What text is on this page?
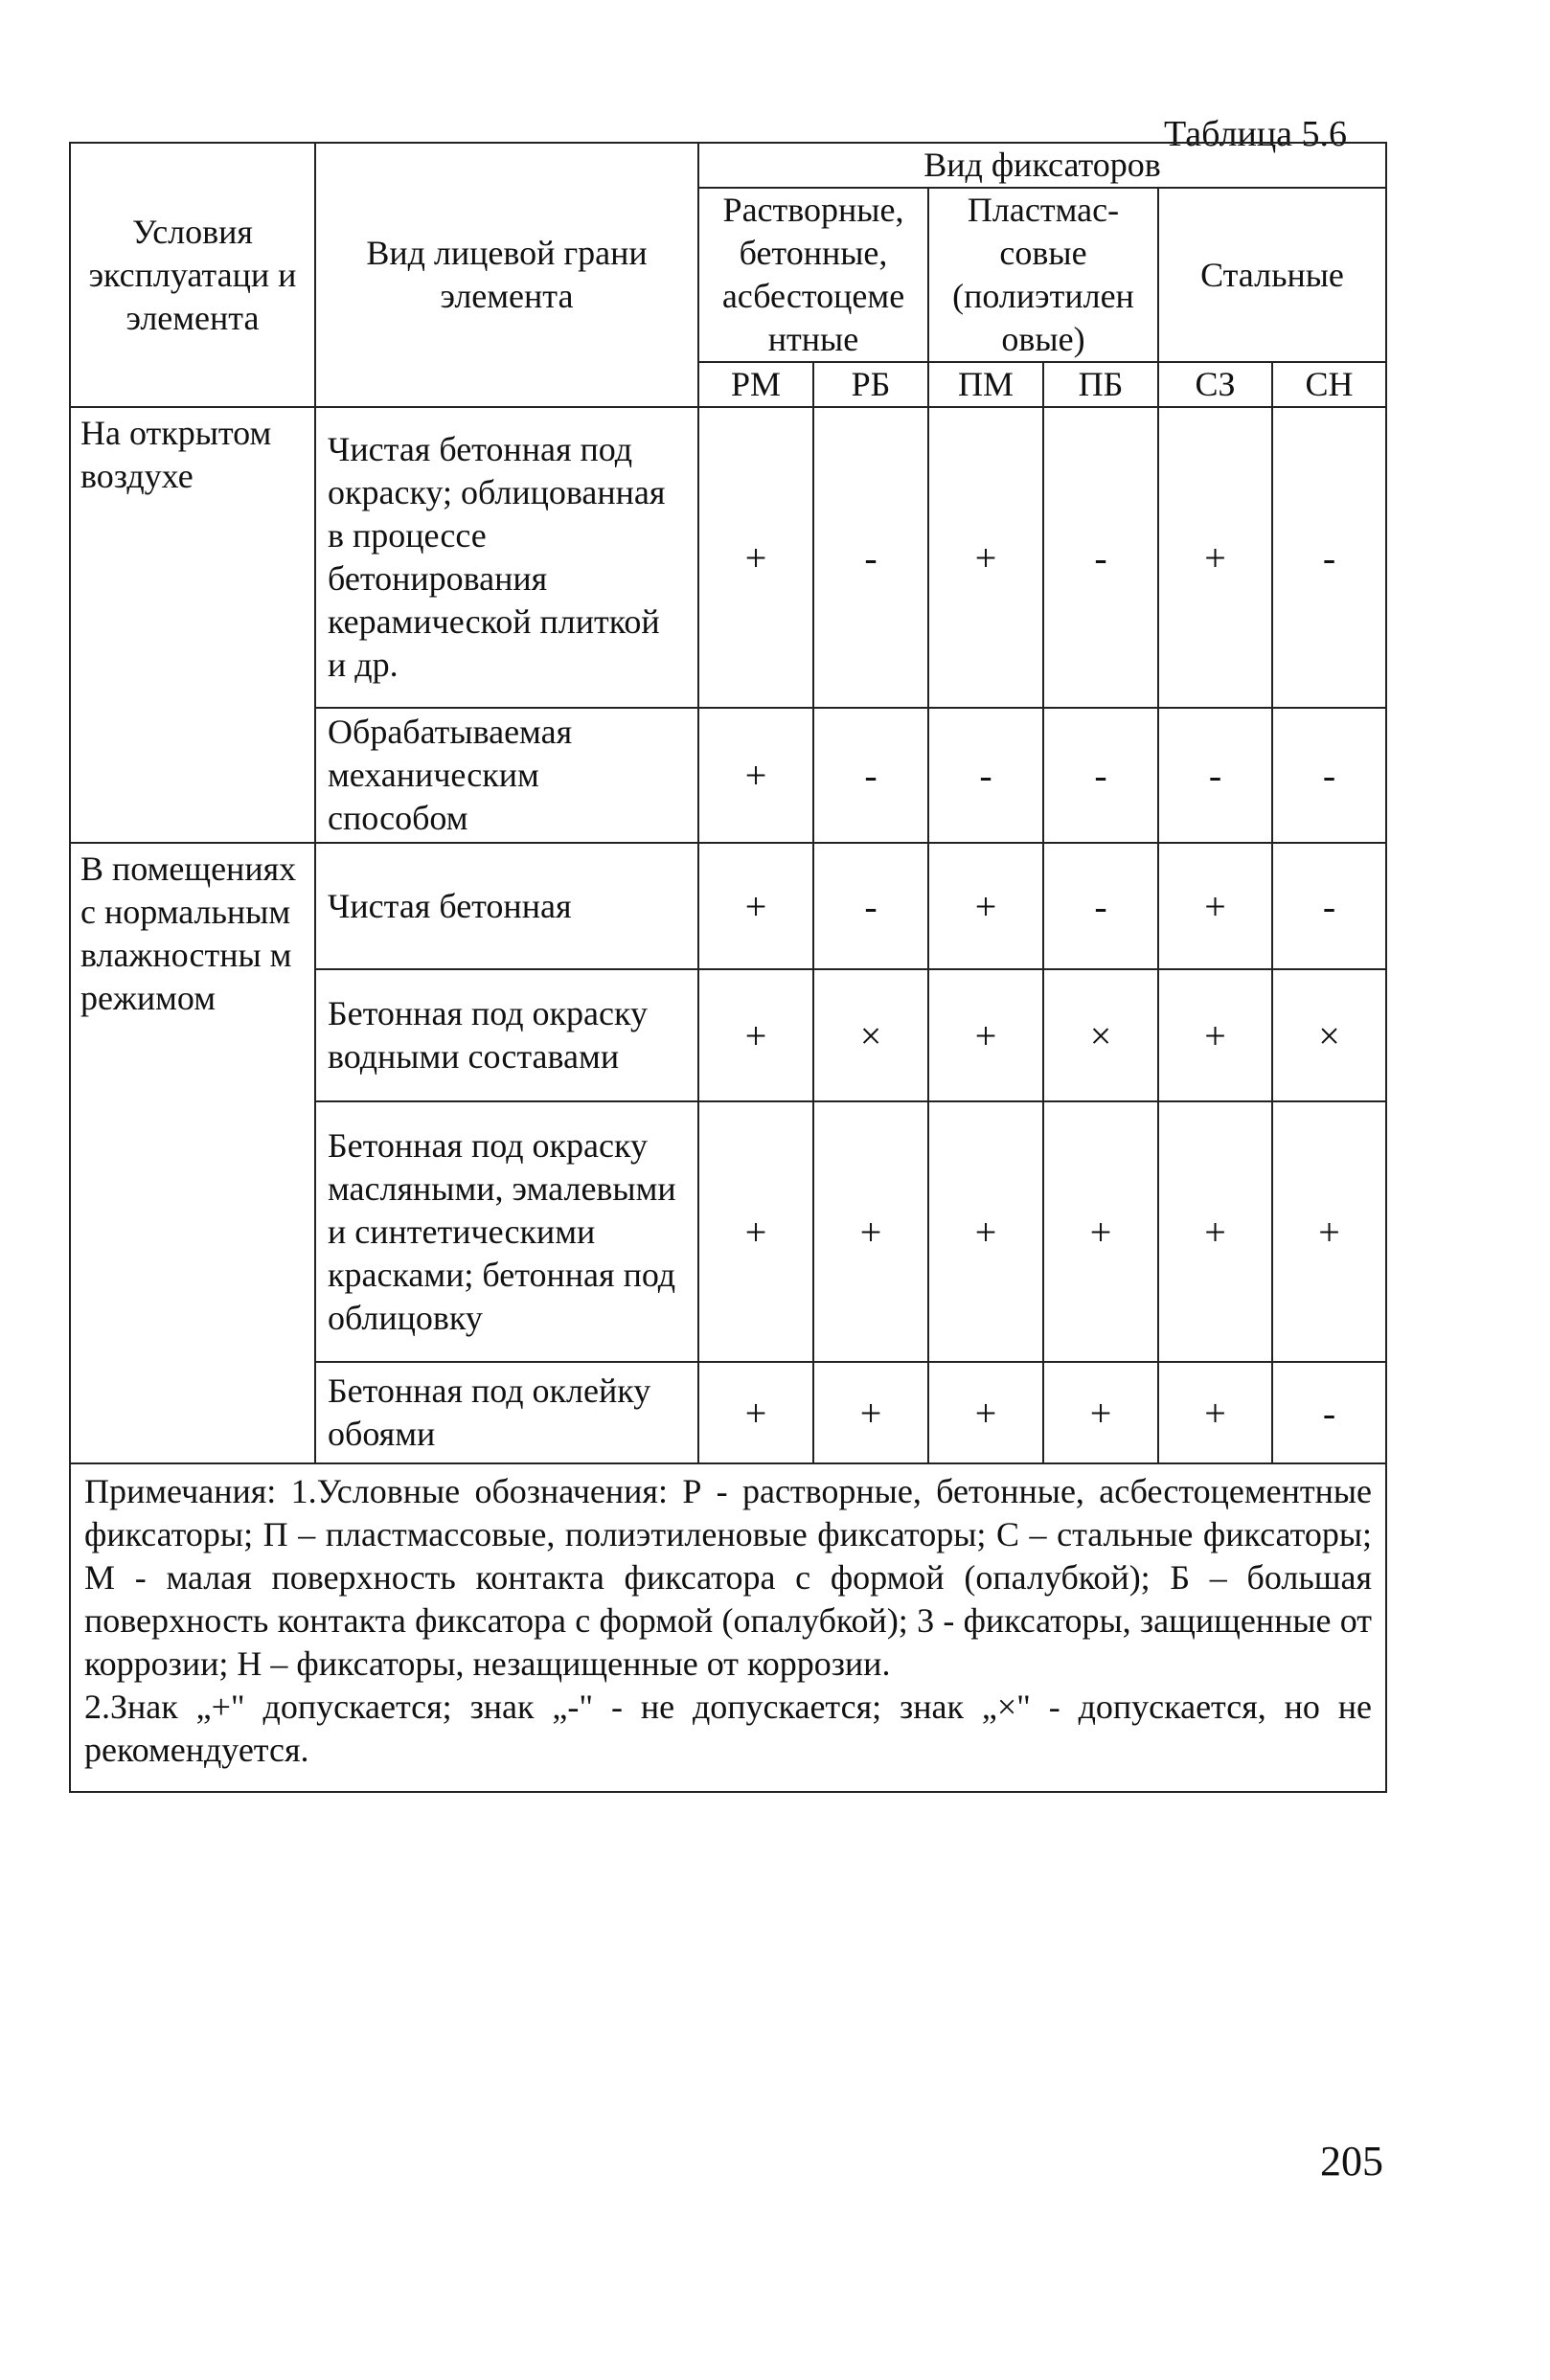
Таблица 5.6
Условия эксплуатаци и элемента	Вид лицевой грани элемента	Вид фиксаторов					
		Растворные, бетонные, асбестоцеме нтные		Пластмас-совые (полиэтилен овые)		Стальные	
		РМ	РБ	ПМ	ПБ	СЗ	СН
На открытом воздухе	Чистая бетонная под окраску; облицованная в процессе бетонирования керамической плиткой и др.	+	-	+	-	+	-
	Обрабатываемая механическим способом	+	-	-	-	-	-
В помещениях с нормальным влажностны м режимом	Чистая бетонная	+	-	+	-	+	-
	Бетонная под окраску водными составами	+	×	+	×	+	×
	Бетонная под окраску масляными, эмалевыми и синтетическими красками; бетонная под облицовку	+	+	+	+	+	+
	Бетонная под оклейку обоями	+	+	+	+	+	-

Примечания: 1.Условные обозначения: Р - растворные, бетонные, асбестоцементные фиксаторы; П – пластмассовые, полиэтиленовые фиксаторы; С – стальные фиксаторы; М - малая поверхность контакта фиксатора с формой (опалубкой); Б – большая поверхность контакта фиксатора с формой (опалубкой); 3 - фиксаторы, защищенные от коррозии; Н – фиксаторы, незащищенные от коррозии.

2.Знак „+" допускается; знак „-" - не допускается; знак „×" - допускается, но не рекомендуется.							

205
